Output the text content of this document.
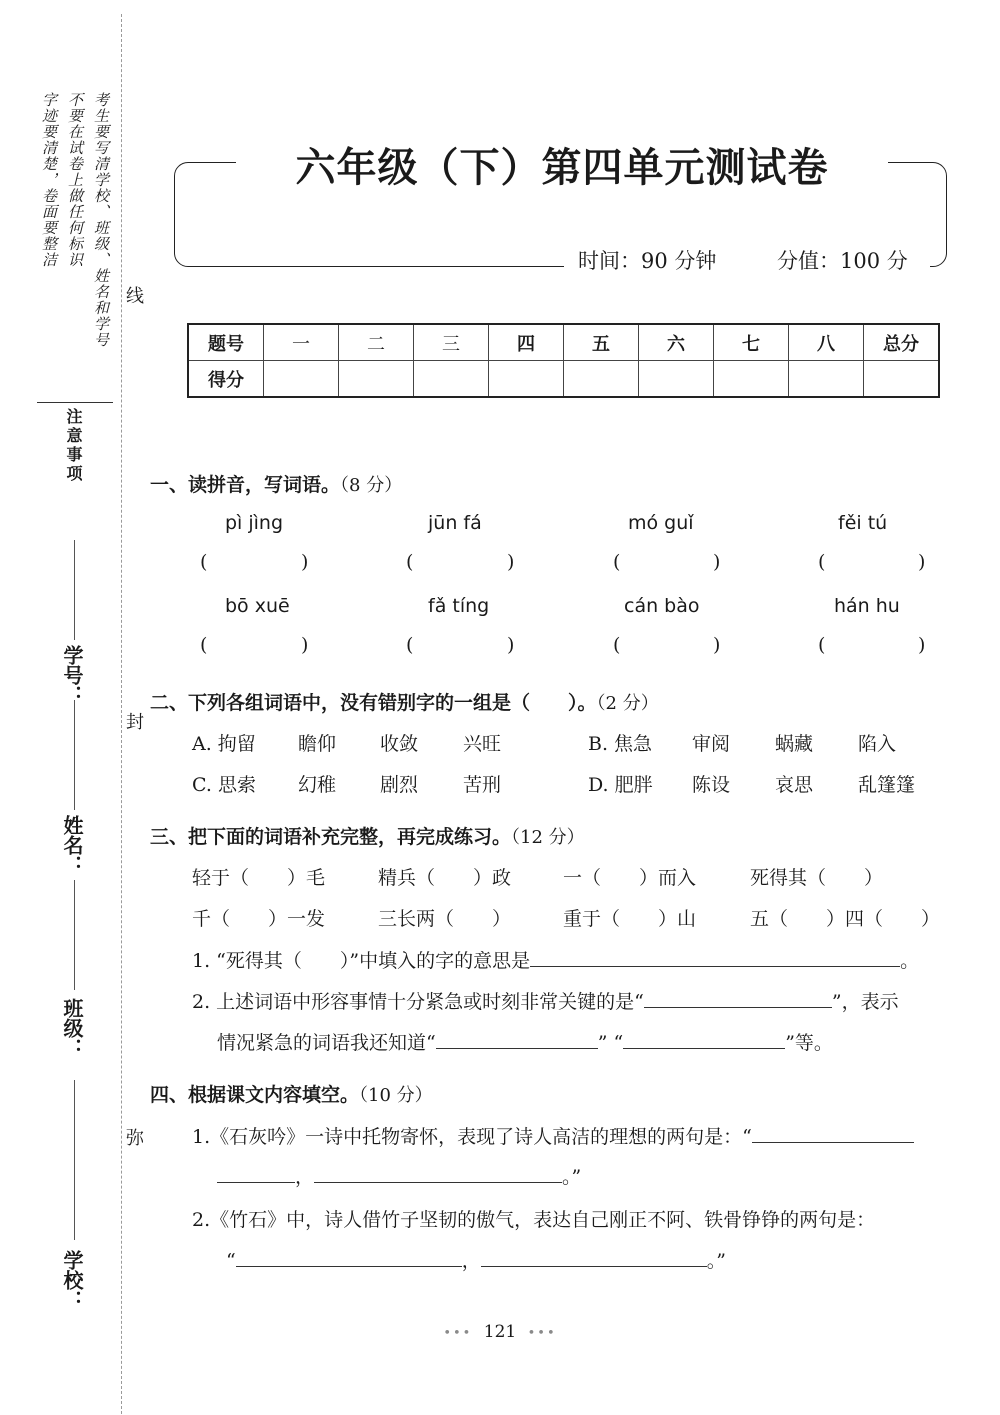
考生要写清学校、班级、姓名和学号
不要在试卷上做任何标识
字迹要清楚，卷面要整洁
注意事项
线
封
弥
学号：
姓名：
班级：
学校：
六年级（下）第四单元测试卷
时间：90 分钟	分值：100 分
题号	一	二	三	四	五	六	七	八	总分
得分									
一、读拼音，写词语。（8 分）
pì jìng	jūn fá	mó guǐ	fěi tú
(	)	(	)	(	)	(	)
bō xuē	fǎ tíng	cán bào	hán hu
(	)	(	)	(	)	(	)
二、下列各组词语中，没有错别字的一组是（　　）。（2 分）
A. 拘留 瞻仰 收敛 兴旺	B. 焦急 审阅 蜗藏 陷入
C. 思索 幻稚 剧烈 苦刑	D. 肥胖 陈设 哀思 乱篷篷
三、把下面的词语补充完整，再完成练习。（12 分）
轻于（　　）毛	精兵（　　）政	一（　　）而入	死得其（　　）
千（　　）一发	三长两（　　）	重于（　　）山	五（　　）四（　　）
1. “死得其（　　）”中填入的字的意思是	。
2. 上述词语中形容事情十分紧急或时刻非常关键的是“	”，表示
情况紧急的词语我还知道“	” “	”等。
四、根据课文内容填空。（10 分）
1.《石灰吟》一诗中托物寄怀，表现了诗人高洁的理想的两句是：“
，	。”
2.《竹石》中，诗人借竹子坚韧的傲气，表达自己刚正不阿、铁骨铮铮的两句是：
“	，	。”
••• 121 •••
